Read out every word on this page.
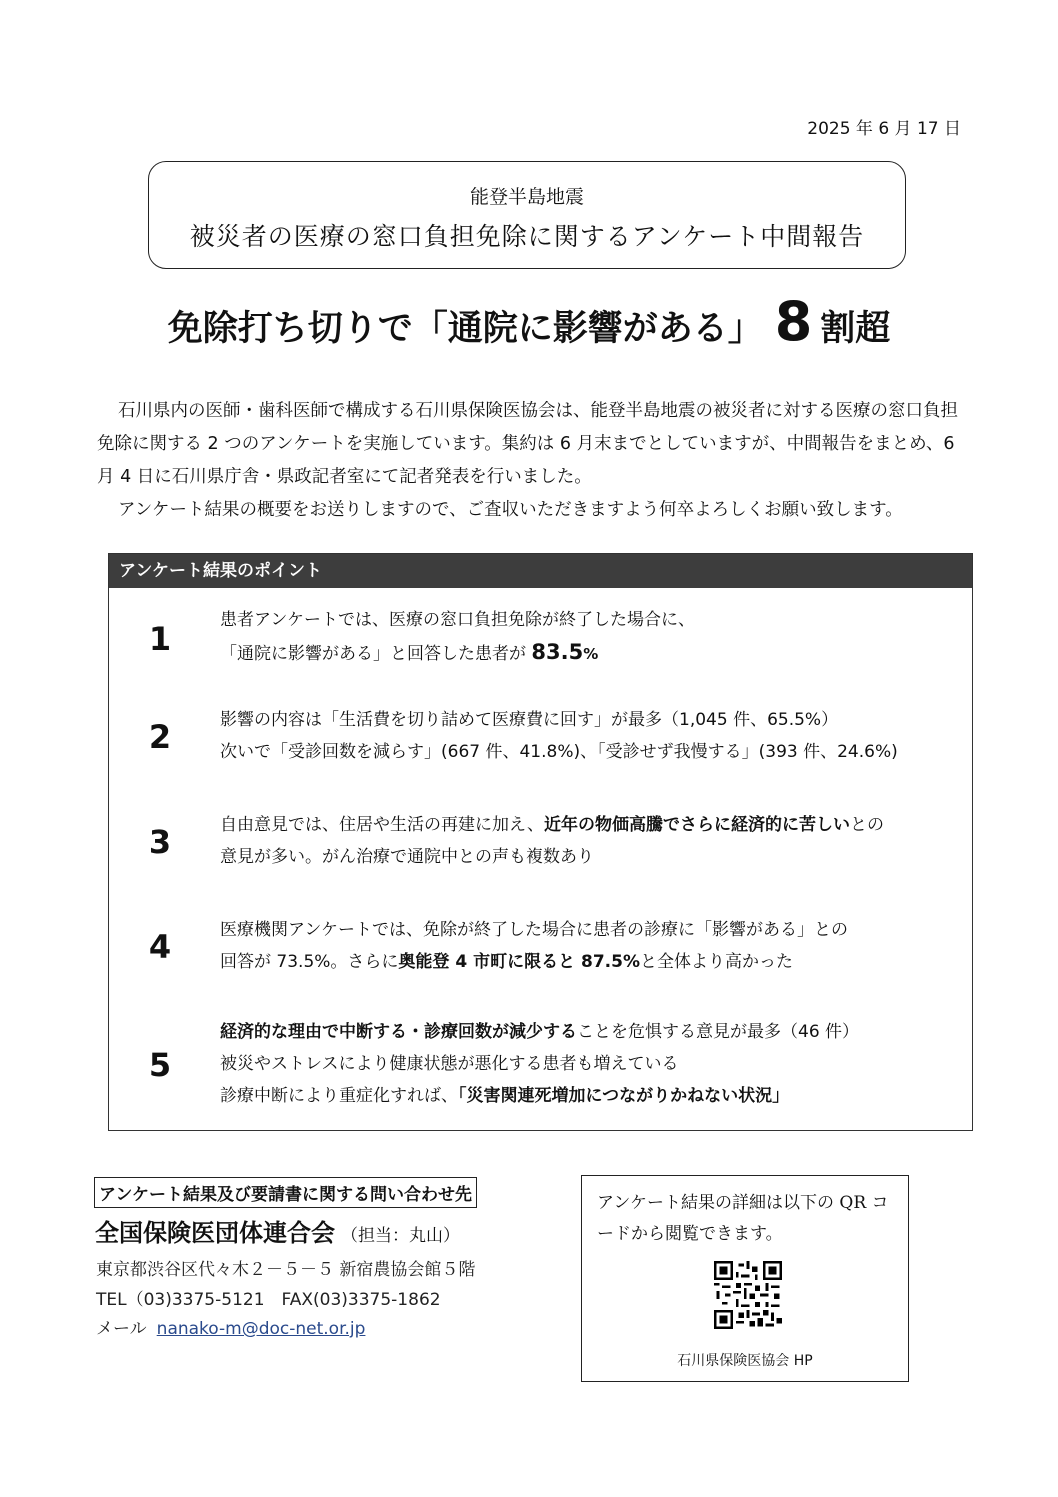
2025 年 6 月 17 日
能登半島地震
被災者の医療の窓口負担免除に関するアンケート中間報告
免除打ち切りで「通院に影響がある」 8 割超

石川県内の医師・歯科医師で構成する石川県保険医協会は、能登半島地震の被災者に対する医療の窓口負担免除に関する 2 つのアンケートを実施しています。集約は 6 月末までとしていますが、中間報告をまとめ、6 月 4 日に石川県庁舎・県政記者室にて記者発表を行いました。

アンケート結果の概要をお送りしますので、ご査収いただきますよう何卒よろしくお願い致します。

アンケート結果のポイント
1	患者アンケートでは、医療の窓口負担免除が終了した場合に、
「通院に影響がある」と回答した患者が 83.5%
2	影響の内容は「生活費を切り詰めて医療費に回す」が最多（1,045 件、65.5%）
次いで「受診回数を減らす」(667 件、41.8%)、「受診せず我慢する」(393 件、24.6%)
3	自由意見では、住居や生活の再建に加え、近年の物価高騰でさらに経済的に苦しいとの
意見が多い。がん治療で通院中との声も複数あり
4	医療機関アンケートでは、免除が終了した場合に患者の診療に「影響がある」との
回答が 73.5%。さらに奥能登 4 市町に限ると 87.5%と全体より高かった
5
経済的な理由で中断する・診療回数が減少することを危惧する意見が最多（46 件）
被災やストレスにより健康状態が悪化する患者も増えている
診療中断により重症化すれば、「災害関連死増加につながりかねない状況」
アンケート結果及び要請書に関する問い合わせ先
全国保険医団体連合会 （担当：丸山）
東京都渋谷区代々木２－５－５ 新宿農協会館５階
TEL（03)3375-5121　FAX(03)3375-1862
メール nanako-m@doc-net.or.jp
アンケート結果の詳細は以下の QR コードから閲覧できます。
石川県保険医協会 HP
